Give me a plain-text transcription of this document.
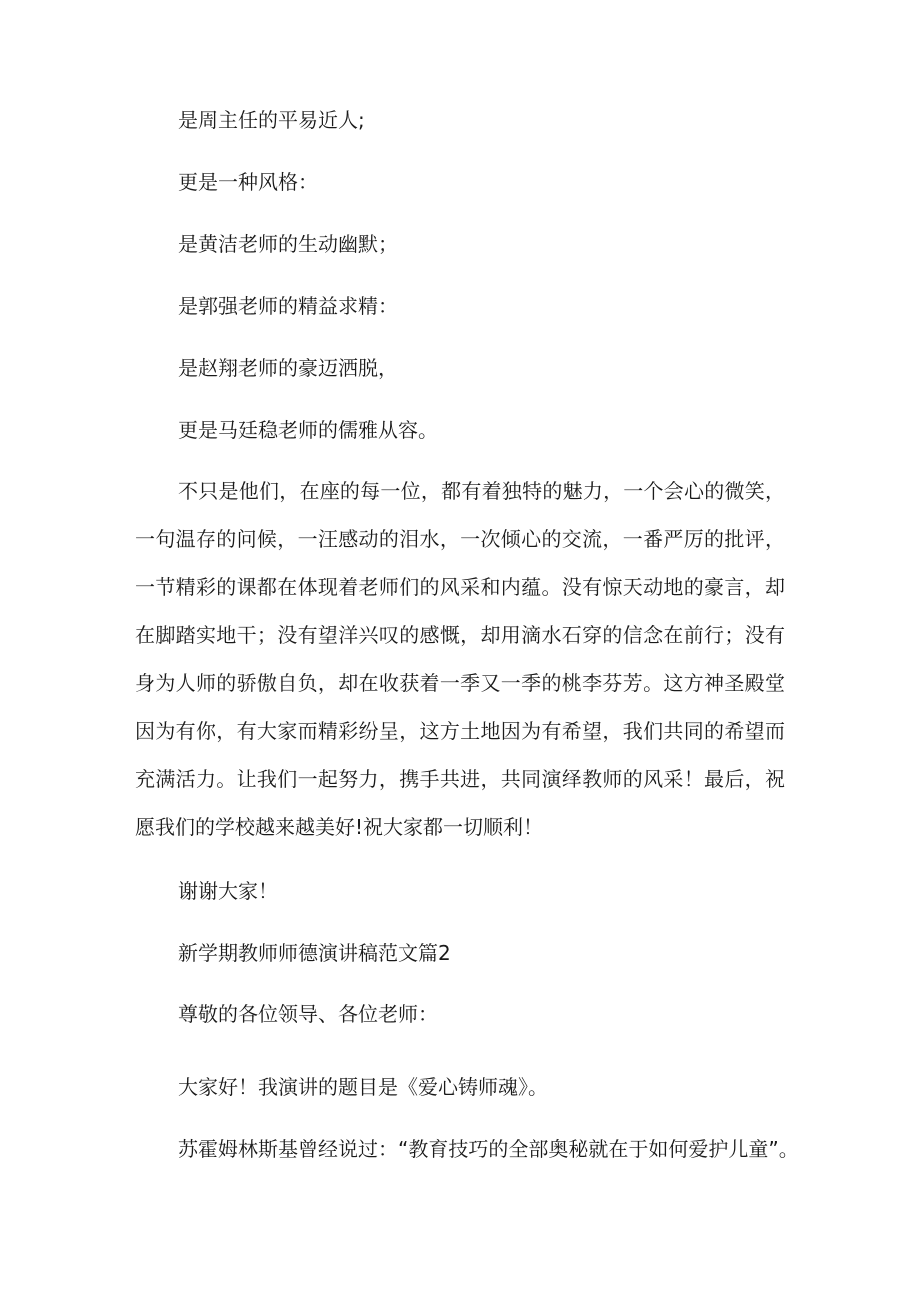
是周主任的平易近人;
更是一种风格：
是黄洁老师的生动幽默；
是郭强老师的精益求精：
是赵翔老师的豪迈洒脱，
更是马廷稳老师的儒雅从容。
不只是他们，在座的每一位，都有着独特的魅力，一个会心的微笑，一句温存的问候，一汪感动的泪水，一次倾心的交流，一番严厉的批评，一节精彩的课都在体现着老师们的风采和内蕴。没有惊天动地的豪言，却在脚踏实地干；没有望洋兴叹的感慨，却用滴水石穿的信念在前行；没有身为人师的骄傲自负，却在收获着一季又一季的桃李芬芳。这方神圣殿堂因为有你，有大家而精彩纷呈，这方土地因为有希望，我们共同的希望而充满活力。让我们一起努力，携手共进，共同演绎教师的风采！最后，祝愿我们的学校越来越美好!祝大家都一切顺利！
谢谢大家！
新学期教师师德演讲稿范文篇2
尊敬的各位领导、各位老师：
大家好！我演讲的题目是《爱心铸师魂》。
苏霍姆林斯基曾经说过：“教育技巧的全部奥秘就在于如何爱护儿童”。
